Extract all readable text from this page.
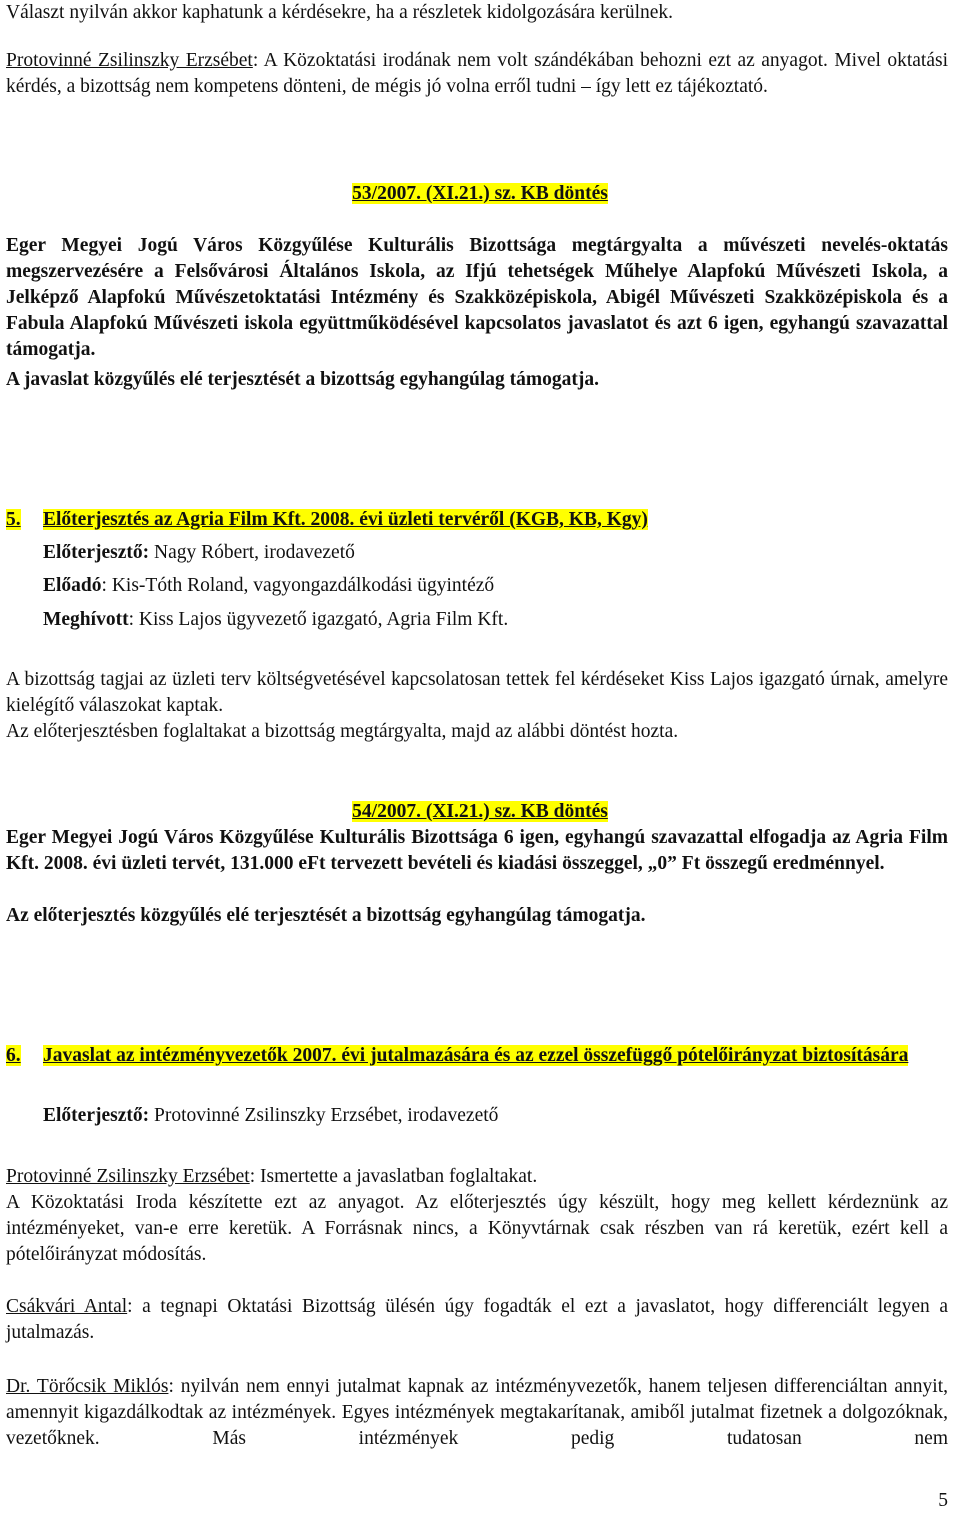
Választ nyilván akkor kaphatunk a kérdésekre, ha a részletek kidolgozására kerülnek.

Protovinné Zsilinszky Erzsébet: A Közoktatási irodának nem volt szándékában behozni ezt az anyagot. Mivel oktatási kérdés, a bizottság nem kompetens dönteni, de mégis jó volna erről tudni – így lett ez tájékoztató.

53/2007. (XI.21.) sz. KB döntés

Eger Megyei Jogú Város Közgyűlése Kulturális Bizottsága megtárgyalta a művészeti nevelés-oktatás megszervezésére a Felsővárosi Általános Iskola, az Ifjú tehetségek Műhelye Alapfokú Művészeti Iskola, a Jelképző Alapfokú Művészetoktatási Intézmény és Szakközépiskola, Abigél Művészeti Szakközépiskola és a Fabula Alapfokú Művészeti iskola együttműködésével kapcsolatos javaslatot és azt 6 igen, egyhangú szavazattal támogatja.

A javaslat közgyűlés elé terjesztését a bizottság egyhangúlag támogatja.

5. Előterjesztés az Agria Film Kft. 2008. évi üzleti tervéről (KGB, KB, Kgy)

Előterjesztő: Nagy Róbert, irodavezető

Előadó: Kis-Tóth Roland, vagyongazdálkodási ügyintéző

Meghívott: Kiss Lajos ügyvezető igazgató, Agria Film Kft.

A bizottság tagjai az üzleti terv költségvetésével kapcsolatosan tettek fel kérdéseket Kiss Lajos igazgató úrnak, amelyre kielégítő válaszokat kaptak.

Az előterjesztésben foglaltakat a bizottság megtárgyalta, majd az alábbi döntést hozta.

54/2007. (XI.21.) sz. KB döntés

Eger Megyei Jogú Város Közgyűlése Kulturális Bizottsága 6 igen, egyhangú szavazattal elfogadja az Agria Film Kft. 2008. évi üzleti tervét, 131.000 eFt tervezett bevételi és kiadási összeggel, „0” Ft összegű eredménnyel.

Az előterjesztés közgyűlés elé terjesztését a bizottság egyhangúlag támogatja.

6. Javaslat az intézményvezetők 2007. évi jutalmazására és az ezzel összefüggő pótelőirányzat biztosítására

Előterjesztő: Protovinné Zsilinszky Erzsébet, irodavezető

Protovinné Zsilinszky Erzsébet: Ismertette a javaslatban foglaltakat.

A Közoktatási Iroda készítette ezt az anyagot. Az előterjesztés úgy készült, hogy meg kellett kérdeznünk az intézményeket, van-e erre keretük. A Forrásnak nincs, a Könyvtárnak csak részben van rá keretük, ezért kell a pótelőirányzat módosítás.

Csákvári Antal: a tegnapi Oktatási Bizottság ülésén úgy fogadták el ezt a javaslatot, hogy differenciált legyen a jutalmazás.

Dr. Törőcsik Miklós: nyilván nem ennyi jutalmat kapnak az intézményvezetők, hanem teljesen differenciáltan annyit, amennyit kigazdálkodtak az intézmények. Egyes intézmények megtakarítanak, amiből jutalmat fizetnek a dolgozóknak, vezetőknek. Más intézmények pedig tudatosan nem

5
